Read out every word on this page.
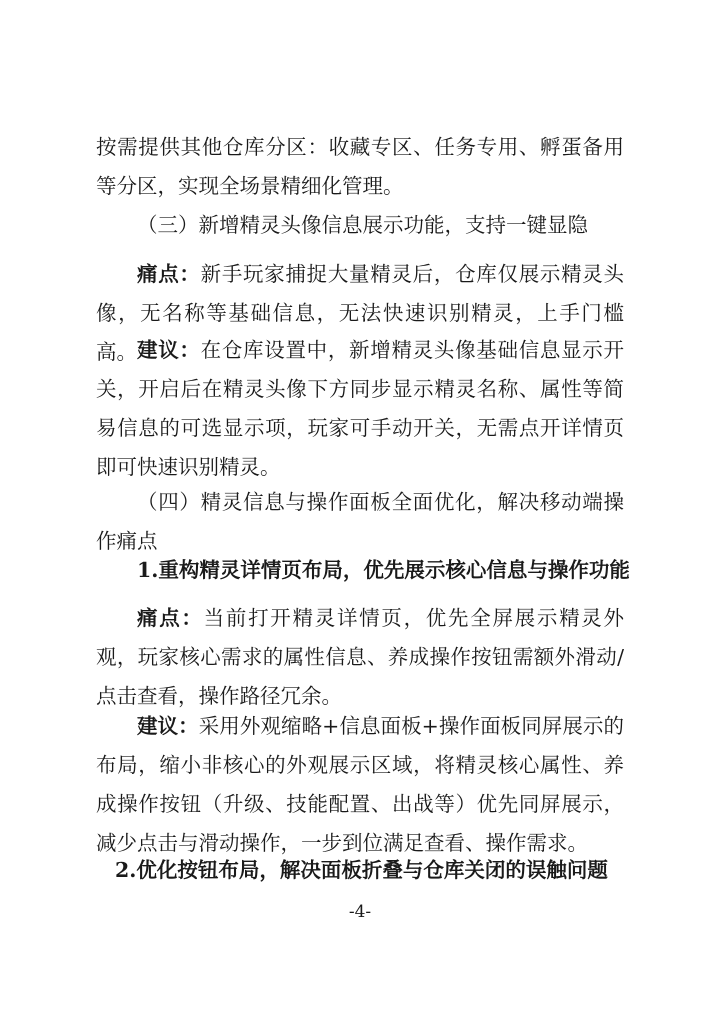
按需提供其他仓库分区：收藏专区、任务专用、孵蛋备用等分区，实现全场景精细化管理。

（三）新增精灵头像信息展示功能，支持一键显隐

痛点：新手玩家捕捉大量精灵后，仓库仅展示精灵头像，无名称等基础信息，无法快速识别精灵，上手门槛高。 建议：在仓库设置中，新增精灵头像基础信息显示开关，开启后在精灵头像下方同步显示精灵名称、属性等简易信息的可选显示项，玩家可手动开关，无需点开详情页即可快速识别精灵。

（四）精灵信息与操作面板全面优化，解决移动端操作痛点

1.重构精灵详情页布局，优先展示核心信息与操作功能

痛点：当前打开精灵详情页，优先全屏展示精灵外观，玩家核心需求的属性信息、养成操作按钮需额外滑动/点击查看，操作路径冗余。

建议：采用外观缩略+信息面板+操作面板同屏展示的布局，缩小非核心的外观展示区域，将精灵核心属性、养成操作按钮（升级、技能配置、出战等）优先同屏展示，减少点击与滑动操作，一步到位满足查看、操作需求。

2.优化按钮布局，解决面板折叠与仓库关闭的误触问题

-4-
